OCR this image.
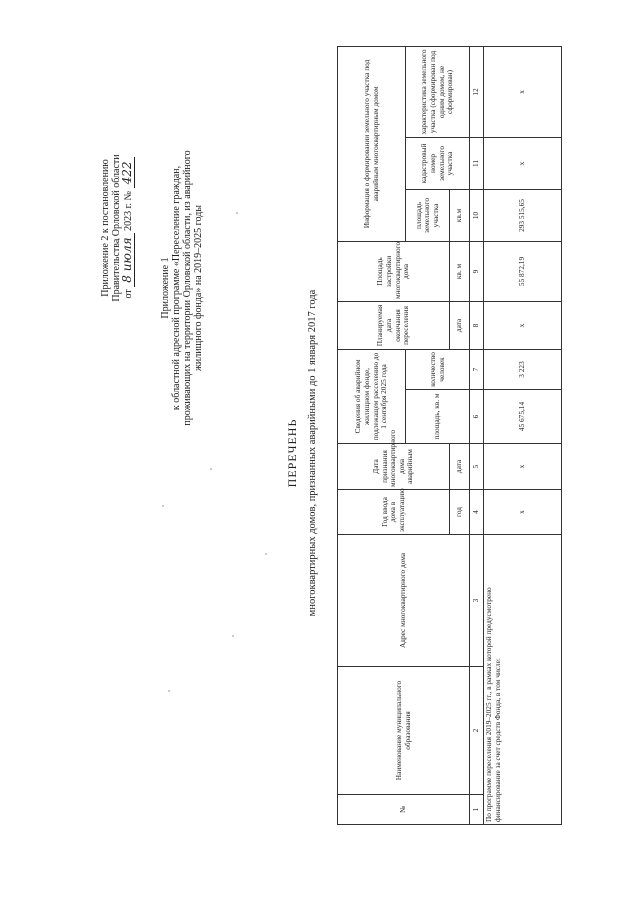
Приложение 2 к постановлению Правительства Орловской области от 8 июля 2023 г. № 422
Приложение 1 к областной адресной программе «Переселение граждан, проживающих на территории Орловской области, из аварийного жилищного фонда» на 2019–2025 годы
ПЕРЕЧЕНЬ многоквартирных домов, признанных аварийными до 1 января 2017 года
№	Наименование муниципального образования	Адрес многоквартирного дома	Год ввода дома в эксплуатацию	Дата признания многоквартирного дома аварийным	Сведения об аварийном жилищном фонде, подлежащем расселению до 1 сентября 2025 года		Планируемая дата окончания переселения	Площадь застройки многоквартирного дома	Информация о формировании земельного участка под аварийным многоквартирным домом		
					площадь, кв. м	количество человек			площадь земельного участка	кадастровый номер земельного участка	характеристика земельного участка (сформирован под одним домом, не сформирован)
			год	дата			дата	кв. м	кв.м		
1	2	3	4	5	6	7	8	9	10	11	12
По программе переселения 2019–2025 гг., в рамках которой предусмотрено финансирование за счет средств Фонда, в том числе:			x	x	45 675,14	3 223	x	55 872,19	293 515,65	x	x
